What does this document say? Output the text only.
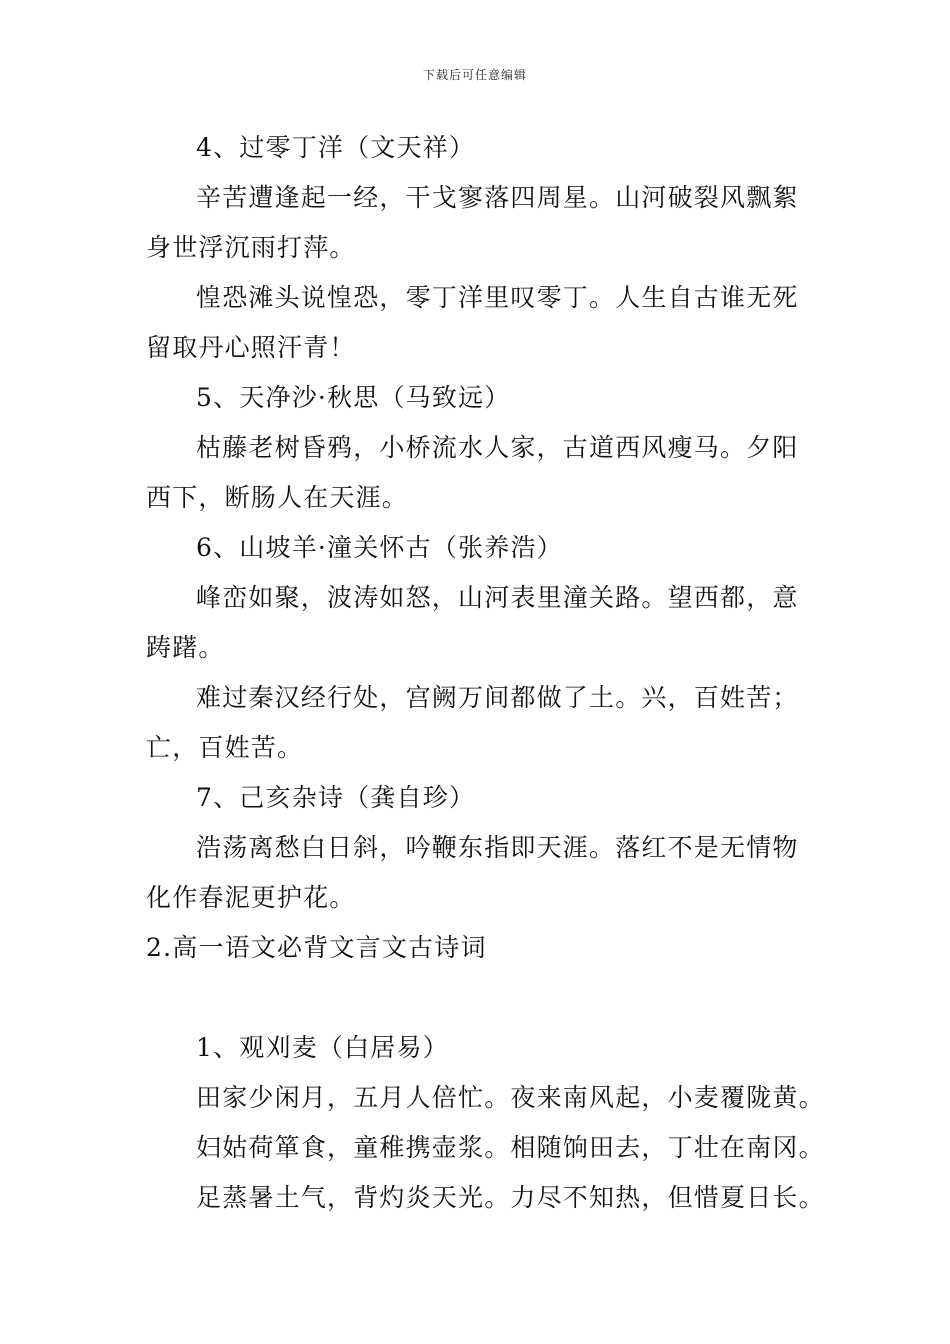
下载后可任意编辑
4、过零丁洋（文天祥）
辛苦遭逢起一经，干戈寥落四周星。山河破裂风飘絮
身世浮沉雨打萍。
惶恐滩头说惶恐，零丁洋里叹零丁。人生自古谁无死
留取丹心照汗青！
5、天净沙·秋思（马致远）
枯藤老树昏鸦，小桥流水人家，古道西风瘦马。夕阳
西下，断肠人在天涯。
6、山坡羊·潼关怀古（张养浩）
峰峦如聚，波涛如怒，山河表里潼关路。望西都，意
踌躇。
难过秦汉经行处，宫阙万间都做了土。兴，百姓苦；
亡，百姓苦。
7、己亥杂诗（龚自珍）
浩荡离愁白日斜，吟鞭东指即天涯。落红不是无情物
化作春泥更护花。
2.高一语文必背文言文古诗词
1、观刈麦（白居易）
田家少闲月，五月人倍忙。夜来南风起，小麦覆陇黄。
妇姑荷箪食，童稚携壶浆。相随饷田去，丁壮在南冈。
足蒸暑土气，背灼炎天光。力尽不知热，但惜夏日长。
